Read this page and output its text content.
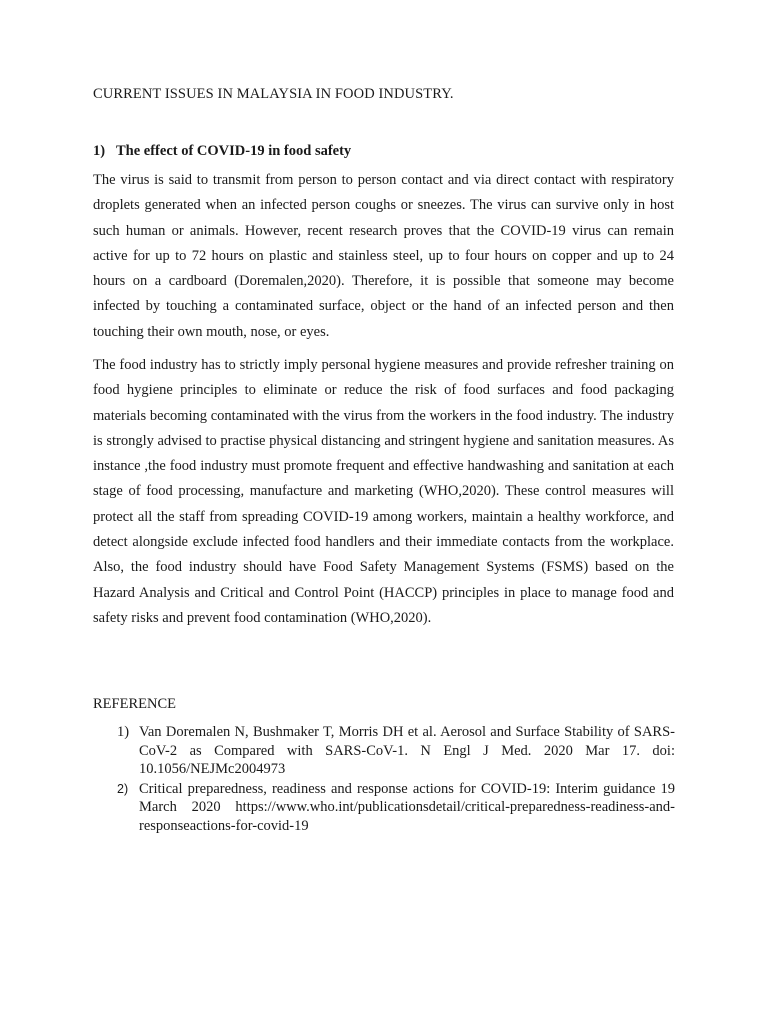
CURRENT ISSUES IN MALAYSIA IN FOOD INDUSTRY.
1) The effect of COVID-19 in food safety

The virus is said to transmit from person to person contact and via direct contact with respiratory droplets generated when an infected person coughs or sneezes. The virus can survive only in host such human or animals. However, recent research proves that the COVID-19 virus can remain active for up to 72 hours on plastic and stainless steel, up to four hours on copper and up to 24 hours on a cardboard (Doremalen,2020). Therefore, it is possible that someone may become infected by touching a contaminated surface, object or the hand of an infected person and then touching their own mouth, nose, or eyes.

The food industry has to strictly imply personal hygiene measures and provide refresher training on food hygiene principles to eliminate or reduce the risk of food surfaces and food packaging materials becoming contaminated with the virus from the workers in the food industry. The industry is strongly advised to practise physical distancing and stringent hygiene and sanitation measures. As instance ,the food industry must promote frequent and effective handwashing and sanitation at each stage of food processing, manufacture and marketing (WHO,2020). These control measures will protect all the staff from spreading COVID-19 among workers, maintain a healthy workforce, and detect alongside exclude infected food handlers and their immediate contacts from the workplace. Also, the food industry should have Food Safety Management Systems (FSMS) based on the Hazard Analysis and Critical and Control Point (HACCP) principles in place to manage food and safety risks and prevent food contamination (WHO,2020).

REFERENCE
1) Van Doremalen N, Bushmaker T, Morris DH et al. Aerosol and Surface Stability of SARS-CoV-2 as Compared with SARS-CoV-1. N Engl J Med. 2020 Mar 17. doi: 10.1056/NEJMc2004973
2) Critical preparedness, readiness and response actions for COVID-19: Interim guidance 19 March 2020 https://www.who.int/publicationsdetail/critical-preparedness-readiness-and-responseactions-for-covid-19
